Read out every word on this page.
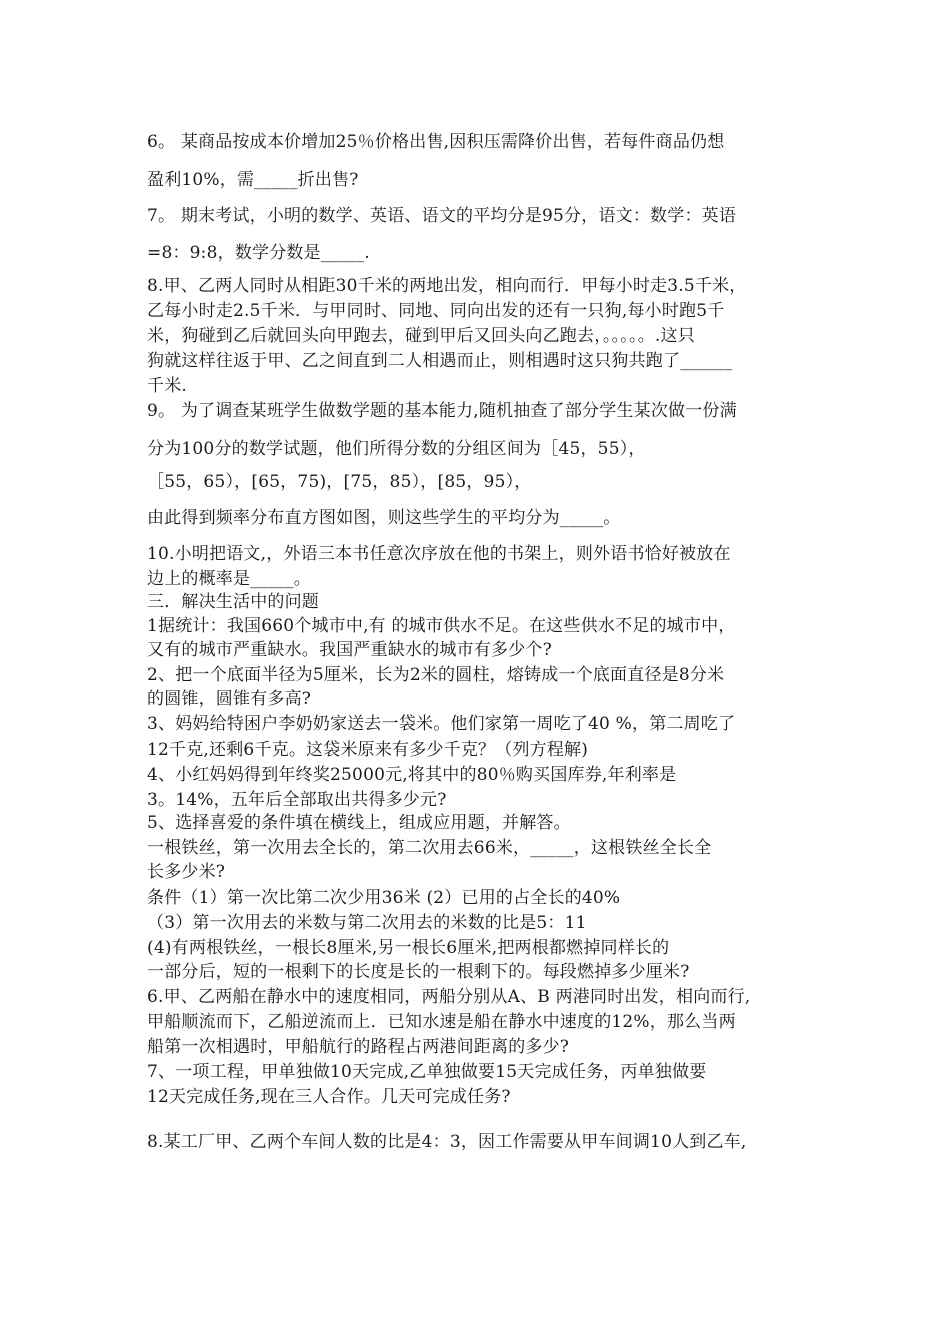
6。 某商品按成本价增加25％价格出售,因积压需降价出售，若每件商品仍想
盈利10%，需_____折出售?
7。 期末考试，小明的数学、英语、语文的平均分是95分，语文：数学：英语
=8：9:8，数学分数是_____.
8.甲、乙两人同时从相距30千米的两地出发，相向而行．甲每小时走3.5千米，
乙每小时走2.5千米．与甲同时、同地、同向出发的还有一只狗,每小时跑5千
米，狗碰到乙后就回头向甲跑去，碰到甲后又回头向乙跑去，。。。。。.这只
狗就这样往返于甲、乙之间直到二人相遇而止，则相遇时这只狗共跑了______
千米.
9。 为了调查某班学生做数学题的基本能力,随机抽查了部分学生某次做一份满
分为100分的数学试题，他们所得分数的分组区间为［45，55），
［55，65），[65，75)，[75，85），[85，95），
由此得到频率分布直方图如图，则这些学生的平均分为_____。
10.小明把语文,，外语三本书任意次序放在他的书架上，则外语书恰好被放在
边上的概率是_____。
三．解决生活中的问题
1据统计：我国660个城市中,有 的城市供水不足。在这些供水不足的城市中，
又有的城市严重缺水。我国严重缺水的城市有多少个?
2、把一个底面半径为5厘米，长为2米的圆柱，熔铸成一个底面直径是8分米
的圆锥，圆锥有多高?
3、妈妈给特困户李奶奶家送去一袋米。他们家第一周吃了40 %，第二周吃了
12千克,还剩6千克。这袋米原来有多少千克？（列方程解)
4、小红妈妈得到年终奖25000元,将其中的80％购买国库券,年利率是
3。14%，五年后全部取出共得多少元?
5、选择喜爱的条件填在横线上，组成应用题，并解答。
一根铁丝，第一次用去全长的，第二次用去66米，_____，这根铁丝全长全
长多少米?
条件（1）第一次比第二次少用36米 (2）已用的占全长的40%
（3）第一次用去的米数与第二次用去的米数的比是5：11
(4)有两根铁丝，一根长8厘米,另一根长6厘米,把两根都燃掉同样长的
一部分后，短的一根剩下的长度是长的一根剩下的。每段燃掉多少厘米?
6.甲、乙两船在静水中的速度相同，两船分别从A、B 两港同时出发，相向而行,
甲船顺流而下，乙船逆流而上．已知水速是船在静水中速度的12%，那么当两
船第一次相遇时，甲船航行的路程占两港间距离的多少?
7、一项工程，甲单独做10天完成,乙单独做要15天完成任务，丙单独做要
12天完成任务,现在三人合作。几天可完成任务?
8.某工厂甲、乙两个车间人数的比是4：3，因工作需要从甲车间调10人到乙车,
